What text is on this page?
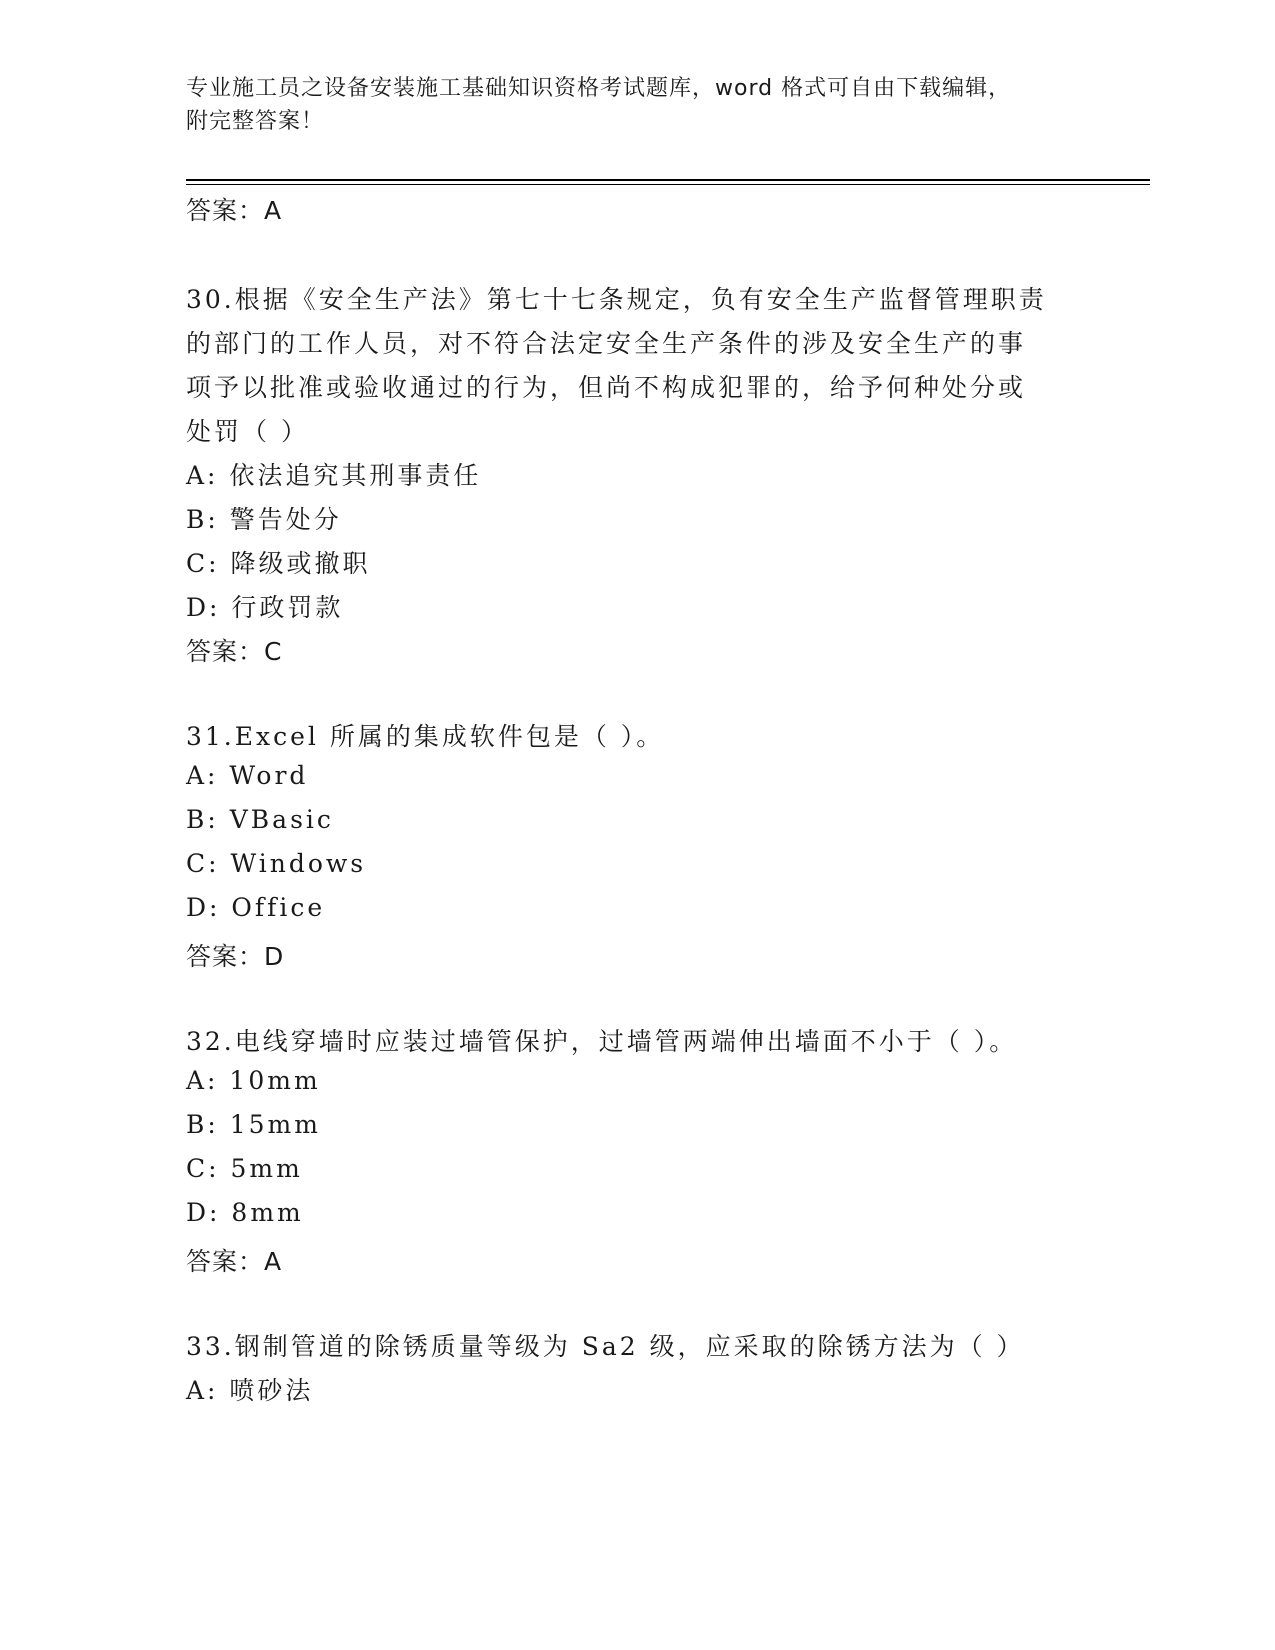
专业施工员之设备安装施工基础知识资格考试题库，word 格式可自由下载编辑，
附完整答案！
答案：A
30.根据《安全生产法》第七十七条规定，负有安全生产监督管理职责
的部门的工作人员，对不符合法定安全生产条件的涉及安全生产的事
项予以批准或验收通过的行为，但尚不构成犯罪的，给予何种处分或
处罚（ ）
A: 依法追究其刑事责任
B: 警告处分
C: 降级或撤职
D: 行政罚款
答案：C
31.Excel 所属的集成软件包是（ ）。
A: Word
B: VBasic
C: Windows
D: Office
答案：D
32.电线穿墙时应装过墙管保护，过墙管两端伸出墙面不小于（ ）。
A: 10mm
B: 15mm
C: 5mm
D: 8mm
答案：A
33.钢制管道的除锈质量等级为 Sa2 级，应采取的除锈方法为（ ）
A: 喷砂法
